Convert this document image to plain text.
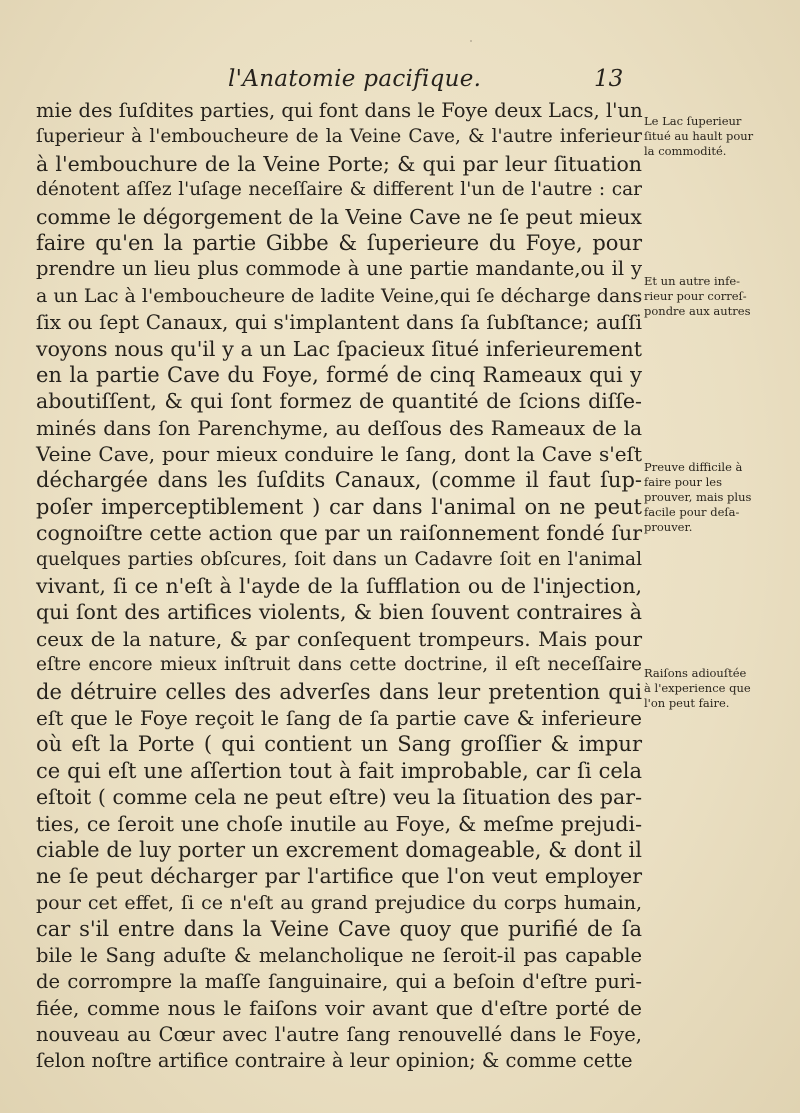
l'Anatomie pacifique.	13
mie des ſuſdites parties, qui font dans le Foye deux Lacs, l'un
ſuperieur à l'emboucheure de la Veine Cave, & l'autre inferieur
à l'embouchure de la Veine Porte; & qui par leur ſituation
dénotent aſſez l'uſage neceſſaire & different l'un de l'autre : car
comme le dégorgement de la Veine Cave ne ſe peut mieux
faire qu'en la partie Gibbe & ſuperieure du Foye, pour
prendre un lieu plus commode à une partie mandante,ou il y
a un Lac à l'emboucheure de ladite Veine,qui ſe décharge dans
ſix ou ſept Canaux, qui s'implantent dans ſa ſubſtance; auſſi
voyons nous qu'il y a un Lac ſpacieux ſitué inferieurement
en la partie Cave du Foye, formé de cinq Rameaux qui y
aboutiſſent, & qui ſont formez de quantité de ſcions diſſe-
minés dans ſon Parenchyme, au deſſous des Rameaux de la
Veine Cave, pour mieux conduire le ſang, dont la Cave s'eſt
déchargée dans les ſuſdits Canaux, (comme il faut ſup-
poſer imperceptiblement ) car dans l'animal on ne peut
cognoiſtre cette action que par un raiſonnement fondé ſur
quelques parties obſcures, ſoit dans un Cadavre ſoit en l'animal
vivant, ſi ce n'eſt à l'ayde de la ſufflation ou de l'injection,
qui ſont des artifices violents, & bien ſouvent contraires à
ceux de la nature, & par conſequent trompeurs. Mais pour
eſtre encore mieux inſtruit dans cette doctrine, il eſt neceſſaire
de détruire celles des adverſes dans leur pretention qui
eſt que le Foye reçoit le ſang de ſa partie cave & inferieure
où eſt la Porte ( qui contient un Sang groſſier & impur
ce qui eſt une aſſertion tout à fait improbable, car ſi cela
eſtoit ( comme cela ne peut eſtre) veu la ſituation des par-
ties, ce ſeroit une choſe inutile au Foye, & meſme prejudi-
ciable de luy porter un excrement domageable, & dont il
ne ſe peut décharger par l'artifice que l'on veut employer
pour cet effet, ſi ce n'eſt au grand prejudice du corps humain,
car s'il entre dans la Veine Cave quoy que purifié de ſa
bile le Sang aduſte & melancholique ne ſeroit-il pas capable
de corrompre la maſſe ſanguinaire, qui a beſoin d'eſtre puri-
fiée, comme nous le faiſons voir avant que d'eſtre porté de
nouveau au Cœur avec l'autre ſang renouvellé dans le Foye,
ſelon noſtre artifice contraire à leur opinion; & comme cette
Le Lac ſuperieur
ſitué au hault pour
la commodité.
Et un autre infe-
rieur pour correſ-
pondre aux autres
Preuve difficile à
faire pour les
prouver, mais plus
facile pour deſa-
prouver.
Raiſons adiouſtée
à l'experience que
l'on peut faire.
